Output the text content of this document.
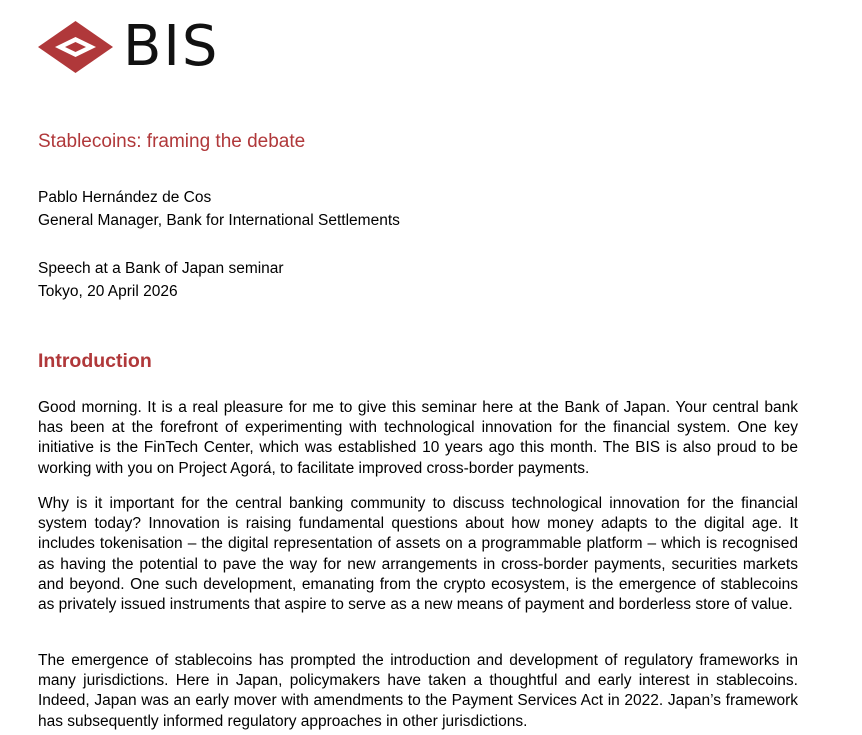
BIS
Stablecoins: framing the debate
Pablo Hernández de Cos
General Manager, Bank for International Settlements
Speech at a Bank of Japan seminar
Tokyo, 20 April 2026
Introduction

Good morning. It is a real pleasure for me to give this seminar here at the Bank of Japan. Your central bank has been at the forefront of experimenting with technological innovation for the financial system. One key initiative is the FinTech Center, which was established 10 years ago this month. The BIS is also proud to be working with you on Project Agorá, to facilitate improved cross-border payments.

Why is it important for the central banking community to discuss technological innovation for the financial system today? Innovation is raising fundamental questions about how money adapts to the digital age. It includes tokenisation – the digital representation of assets on a programmable platform – which is recognised as having the potential to pave the way for new arrangements in cross-border payments, securities markets and beyond. One such development, emanating from the crypto ecosystem, is the emergence of stablecoins as privately issued instruments that aspire to serve as a new means of payment and borderless store of value.

The emergence of stablecoins has prompted the introduction and development of regulatory frameworks in many jurisdictions. Here in Japan, policymakers have taken a thoughtful and early interest in stablecoins. Indeed, Japan was an early mover with amendments to the Payment Services Act in 2022. Japan’s framework has subsequently informed regulatory approaches in other jurisdictions.
